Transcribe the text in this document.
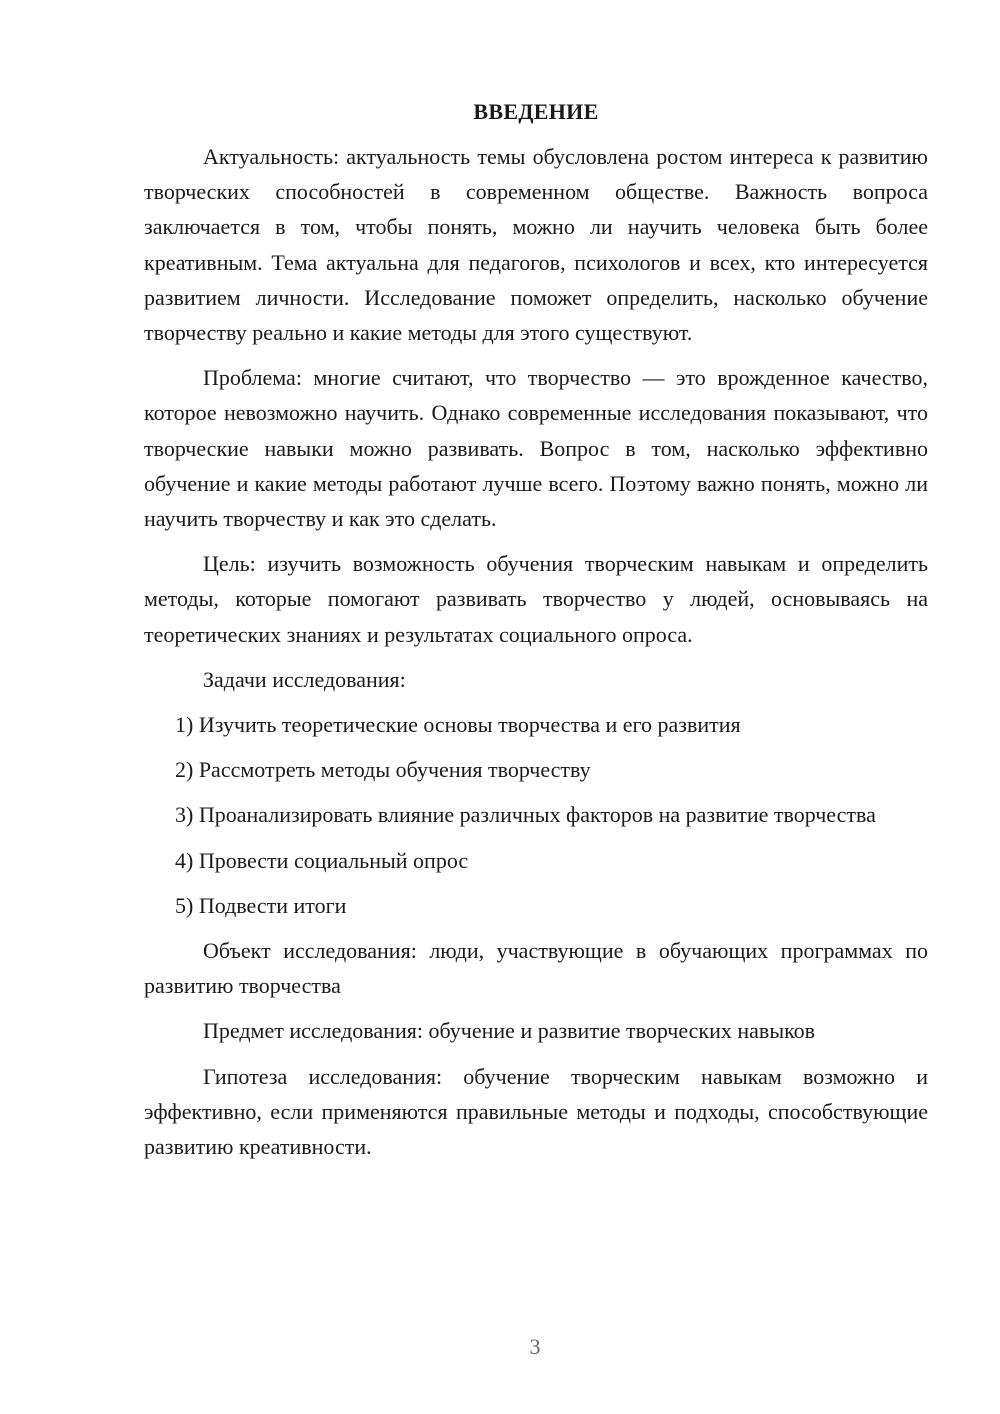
ВВЕДЕНИЕ

Актуальность: актуальность темы обусловлена ростом интереса к развитию творческих способностей в современном обществе. Важность вопроса заключается в том, чтобы понять, можно ли научить человека быть более креативным. Тема актуальна для педагогов, психологов и всех, кто интересуется развитием личности. Исследование поможет определить, насколько обучение творчеству реально и какие методы для этого существуют.

Проблема: многие считают, что творчество — это врожденное качество, которое невозможно научить. Однако современные исследования показывают, что творческие навыки можно развивать. Вопрос в том, насколько эффективно обучение и какие методы работают лучше всего. Поэтому важно понять, можно ли научить творчеству и как это сделать.

Цель: изучить возможность обучения творческим навыкам и определить методы, которые помогают развивать творчество у людей, основываясь на теоретических знаниях и результатах социального опроса.

Задачи исследования:

1) Изучить теоретические основы творчества и его развития

2) Рассмотреть методы обучения творчеству

3) Проанализировать влияние различных факторов на развитие творчества

4) Провести социальный опрос

5) Подвести итоги

Объект исследования: люди, участвующие в обучающих программах по развитию творчества

Предмет исследования: обучение и развитие творческих навыков

Гипотеза исследования: обучение творческим навыкам возможно и эффективно, если применяются правильные методы и подходы, способствующие развитию креативности.

3
